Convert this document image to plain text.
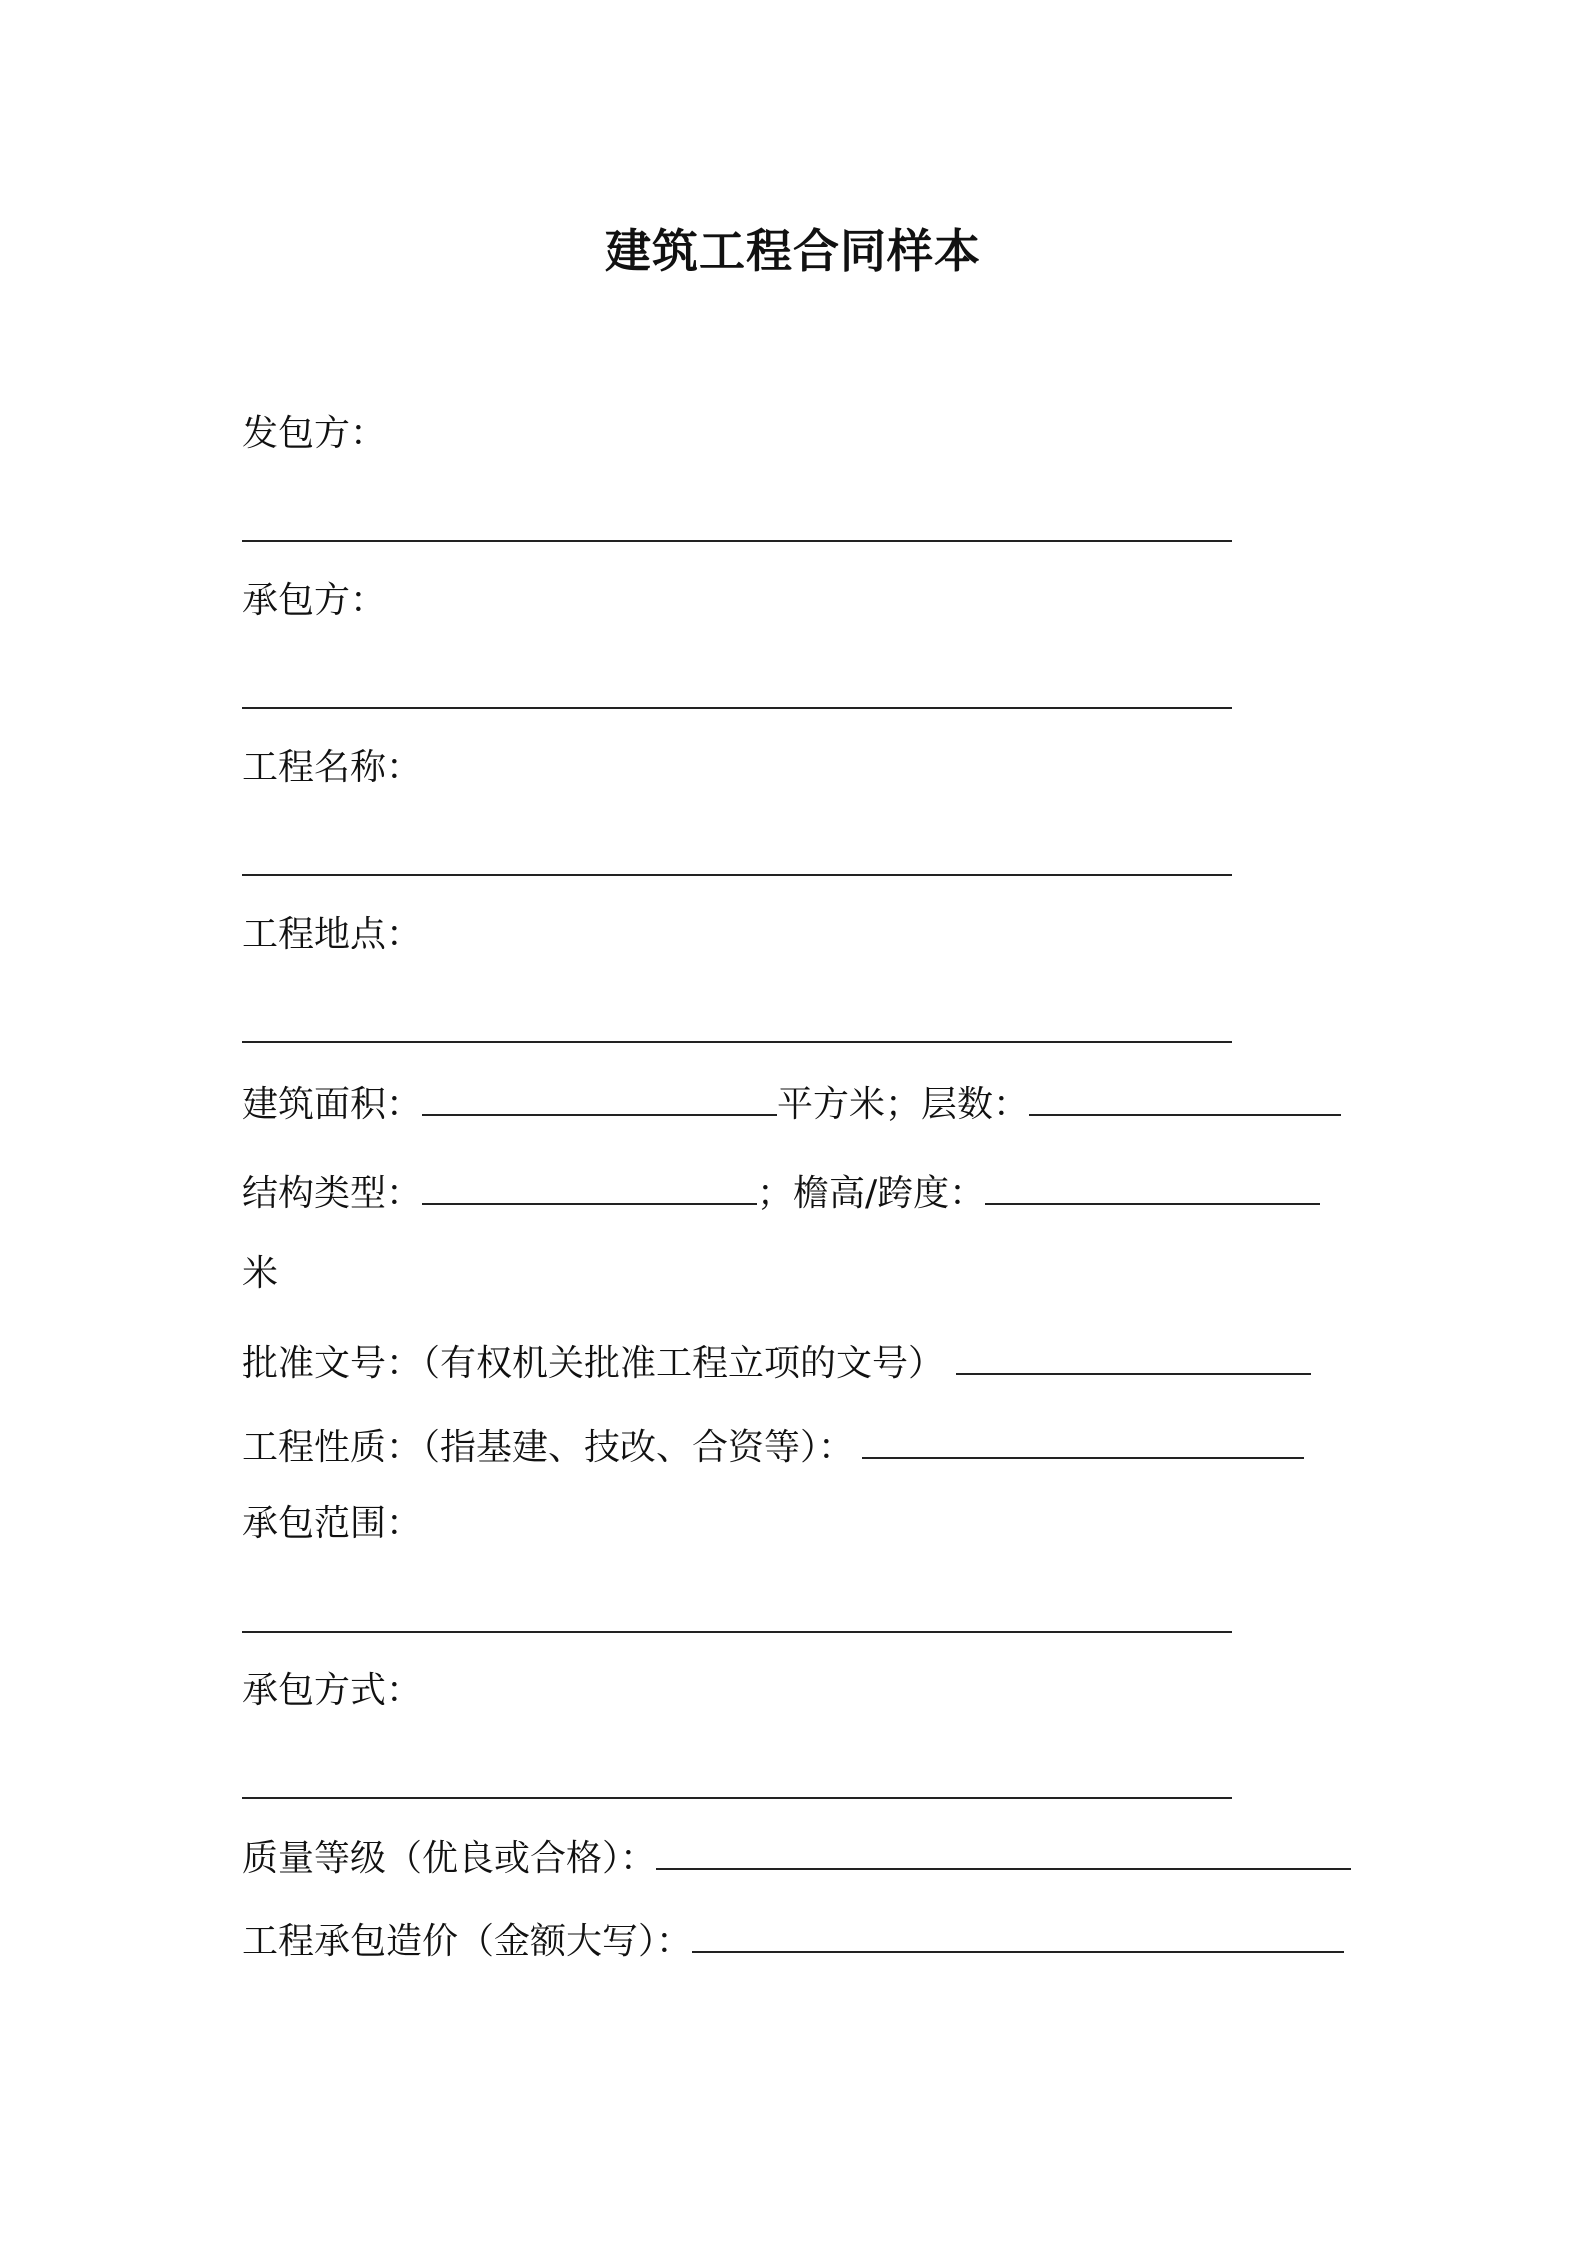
建筑工程合同样本
发包方：
承包方：
工程名称：
工程地点：
建筑面积：	平方米；层数：
结构类型：	；檐高/跨度：
米
批准文号：（有权机关批准工程立项的文号）
工程性质：（指基建、技改、合资等）：
承包范围：
承包方式：
质量等级（优良或合格）：
工程承包造价（金额大写）：
